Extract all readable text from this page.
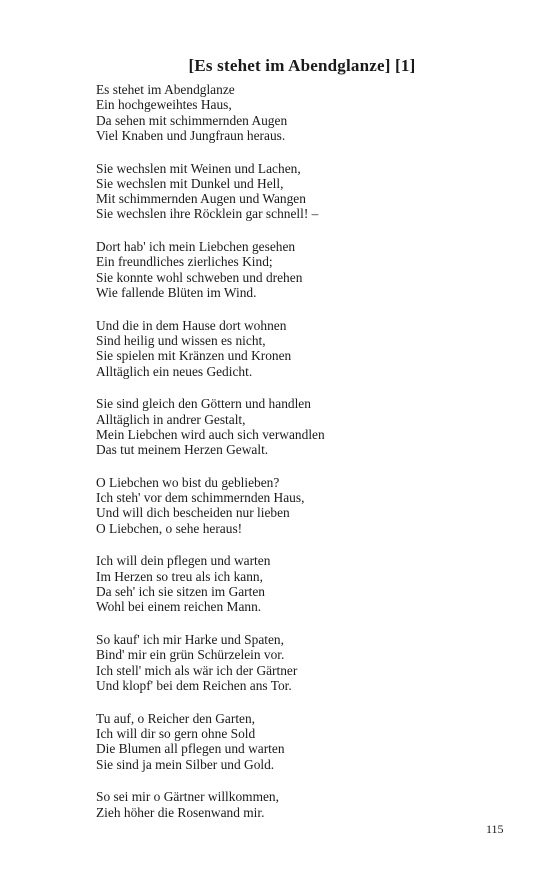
[Es stehet im Abendglanze] [1]
Es stehet im Abendglanze
Ein hochgeweihtes Haus,
Da sehen mit schimmernden Augen
Viel Knaben und Jungfraun heraus.
Sie wechslen mit Weinen und Lachen,
Sie wechslen mit Dunkel und Hell,
Mit schimmernden Augen und Wangen
Sie wechslen ihre Röcklein gar schnell! –
Dort hab' ich mein Liebchen gesehen
Ein freundliches zierliches Kind;
Sie konnte wohl schweben und drehen
Wie fallende Blüten im Wind.
Und die in dem Hause dort wohnen
Sind heilig und wissen es nicht,
Sie spielen mit Kränzen und Kronen
Alltäglich ein neues Gedicht.
Sie sind gleich den Göttern und handlen
Alltäglich in andrer Gestalt,
Mein Liebchen wird auch sich verwandlen
Das tut meinem Herzen Gewalt.
O Liebchen wo bist du geblieben?
Ich steh' vor dem schimmernden Haus,
Und will dich bescheiden nur lieben
O Liebchen, o sehe heraus!
Ich will dein pflegen und warten
Im Herzen so treu als ich kann,
Da seh' ich sie sitzen im Garten
Wohl bei einem reichen Mann.
So kauf' ich mir Harke und Spaten,
Bind' mir ein grün Schürzelein vor.
Ich stell' mich als wär ich der Gärtner
Und klopf' bei dem Reichen ans Tor.
Tu auf, o Reicher den Garten,
Ich will dir so gern ohne Sold
Die Blumen all pflegen und warten
Sie sind ja mein Silber und Gold.
So sei mir o Gärtner willkommen,
Zieh höher die Rosenwand mir.
115
